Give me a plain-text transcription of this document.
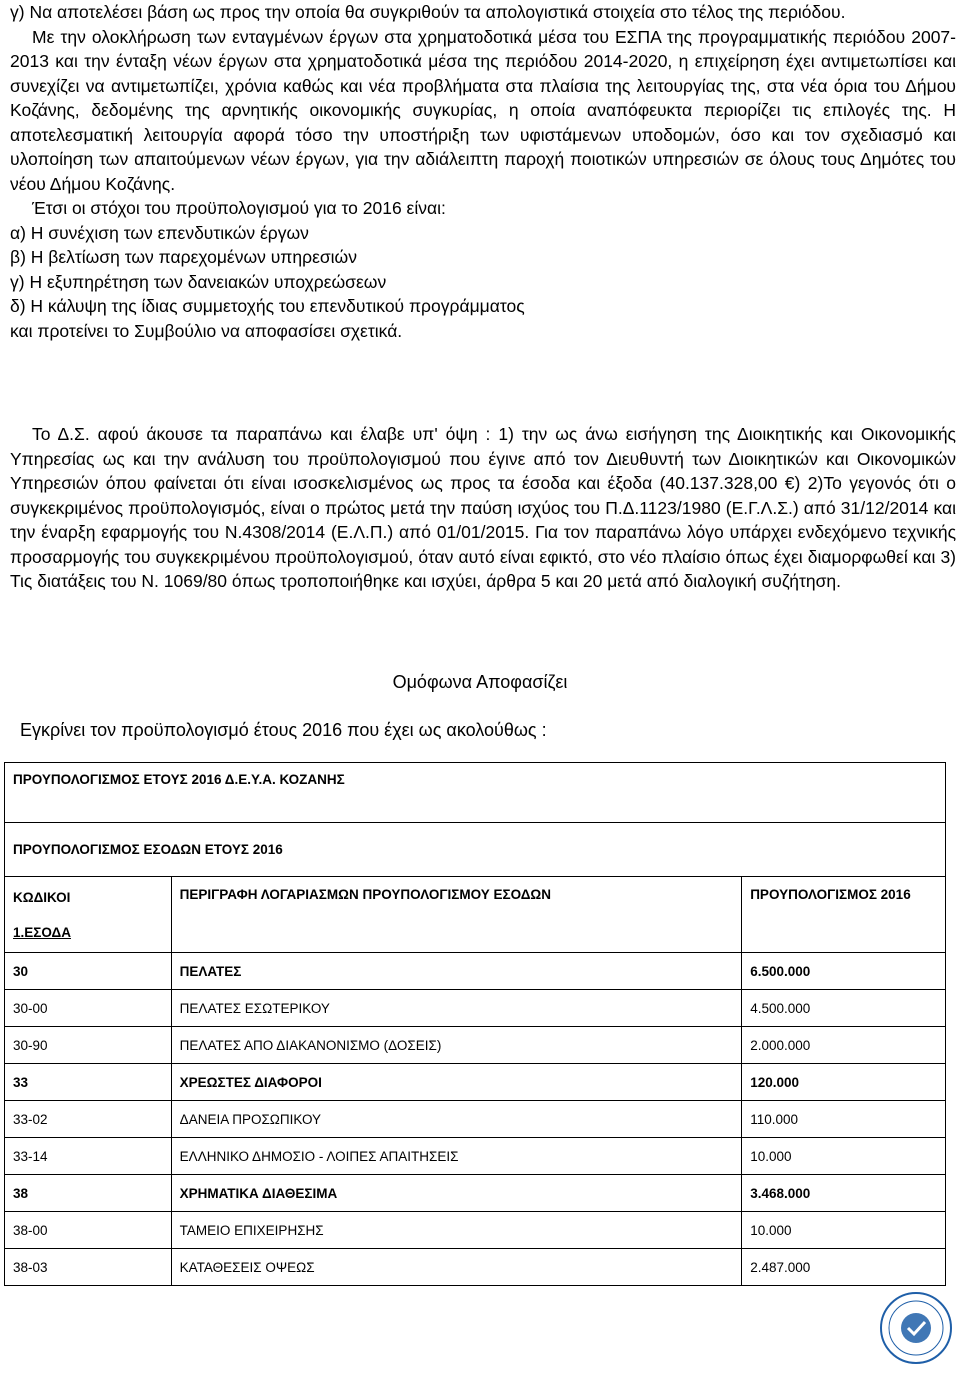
γ) Να αποτελέσει βάση ως προς την οποία θα συγκριθούν τα απολογιστικά στοιχεία στο τέλος της περιόδου.

Με την ολοκλήρωση των ενταγμένων έργων στα χρηματοδοτικά μέσα του ΕΣΠΑ της προγραμματικής περιόδου 2007-2013 και την ένταξη νέων έργων στα χρηματοδοτικά μέσα της περιόδου 2014-2020, η επιχείρηση έχει αντιμετωπίσει και συνεχίζει να αντιμετωπίζει, χρόνια καθώς και νέα προβλήματα στα πλαίσια της λειτουργίας της, στα νέα όρια του Δήμου Κοζάνης, δεδομένης της αρνητικής οικονομικής συγκυρίας, η οποία αναπόφευκτα περιορίζει τις επιλογές της. Η αποτελεσματική λειτουργία αφορά τόσο την υποστήριξη των υφιστάμενων υποδομών, όσο και τον σχεδιασμό και υλοποίηση των απαιτούμενων νέων έργων, για την αδιάλειπτη παροχή ποιοτικών υπηρεσιών σε όλους τους Δημότες του νέου Δήμου Κοζάνης.

Έτσι οι στόχοι του προϋπολογισμού για το 2016 είναι:

α) Η συνέχιση των επενδυτικών έργων

β) Η βελτίωση των παρεχομένων υπηρεσιών

γ) Η εξυπηρέτηση των δανειακών υποχρεώσεων

δ) Η κάλυψη της ίδιας συμμετοχής του επενδυτικού προγράμματος

και προτείνει το Συμβούλιο να αποφασίσει σχετικά.

Το Δ.Σ. αφού άκουσε τα παραπάνω και έλαβε υπ' όψη : 1) την ως άνω εισήγηση της Διοικητικής και Οικονομικής Υπηρεσίας ως και την ανάλυση του προϋπολογισμού που έγινε από τον Διευθυντή των Διοικητικών και Οικονομικών Υπηρεσιών όπου φαίνεται ότι είναι ισοσκελισμένος ως προς τα έσοδα και έξοδα (40.137.328,00 €) 2)Το γεγονός ότι ο συγκεκριμένος προϋπολογισμός, είναι ο πρώτος μετά την παύση ισχύος του Π.Δ.1123/1980 (Ε.Γ.Λ.Σ.) από 31/12/2014 και την έναρξη εφαρμογής του Ν.4308/2014 (Ε.Λ.Π.) από 01/01/2015. Για τον παραπάνω λόγο υπάρχει ενδεχόμενο τεχνικής προσαρμογής του συγκεκριμένου προϋπολογισμού, όταν αυτό είναι εφικτό, στο νέο πλαίσιο όπως έχει διαμορφωθεί και 3) Τις διατάξεις του Ν. 1069/80 όπως τροποποιήθηκε και ισχύει, άρθρα 5 και 20 μετά από διαλογική συζήτηση.

Ομόφωνα Αποφασίζει
Εγκρίνει τον προϋπολογισμό έτους 2016 που έχει ως ακολούθως :
ΠΡΟΥΠΟΛΟΓΙΣΜΟΣ ΕΤΟΥΣ 2016 Δ.Ε.Υ.Α. ΚΟΖΑΝΗΣ		
ΠΡΟΥΠΟΛΟΓΙΣΜΟΣ ΕΣΟΔΩΝ ΕΤΟΥΣ 2016		

ΚΩΔΙΚΟΙ
1.ΕΣΟΔΑ	ΠΕΡΙΓΡΑΦΗ ΛΟΓΑΡΙΑΣΜΩΝ ΠΡΟΥΠΟΛΟΓΙΣΜΟΥ ΕΣΟΔΩΝ	ΠΡΟΥΠΟΛΟΓΙΣΜΟΣ 2016
30	ΠΕΛΑΤΕΣ	6.500.000
30-00	ΠΕΛΑΤΕΣ ΕΣΩΤΕΡΙΚΟΥ	4.500.000
30-90	ΠΕΛΑΤΕΣ ΑΠΟ ΔΙΑΚΑΝΟΝΙΣΜΟ (ΔΟΣΕΙΣ)	2.000.000
33	ΧΡΕΩΣΤΕΣ ΔΙΑΦΟΡΟΙ	120.000
33-02	ΔΑΝΕΙΑ ΠΡΟΣΩΠΙΚΟΥ	110.000
33-14	ΕΛΛΗΝΙΚΟ ΔΗΜΟΣΙΟ - ΛΟΙΠΕΣ ΑΠΑΙΤΗΣΕΙΣ	10.000
38	ΧΡΗΜΑΤΙΚΑ ΔΙΑΘΕΣΙΜΑ	3.468.000
38-00	ΤΑΜΕΙΟ ΕΠΙΧΕΙΡΗΣΗΣ	10.000
38-03	ΚΑΤΑΘΕΣΕΙΣ ΟΨΕΩΣ	2.487.000
